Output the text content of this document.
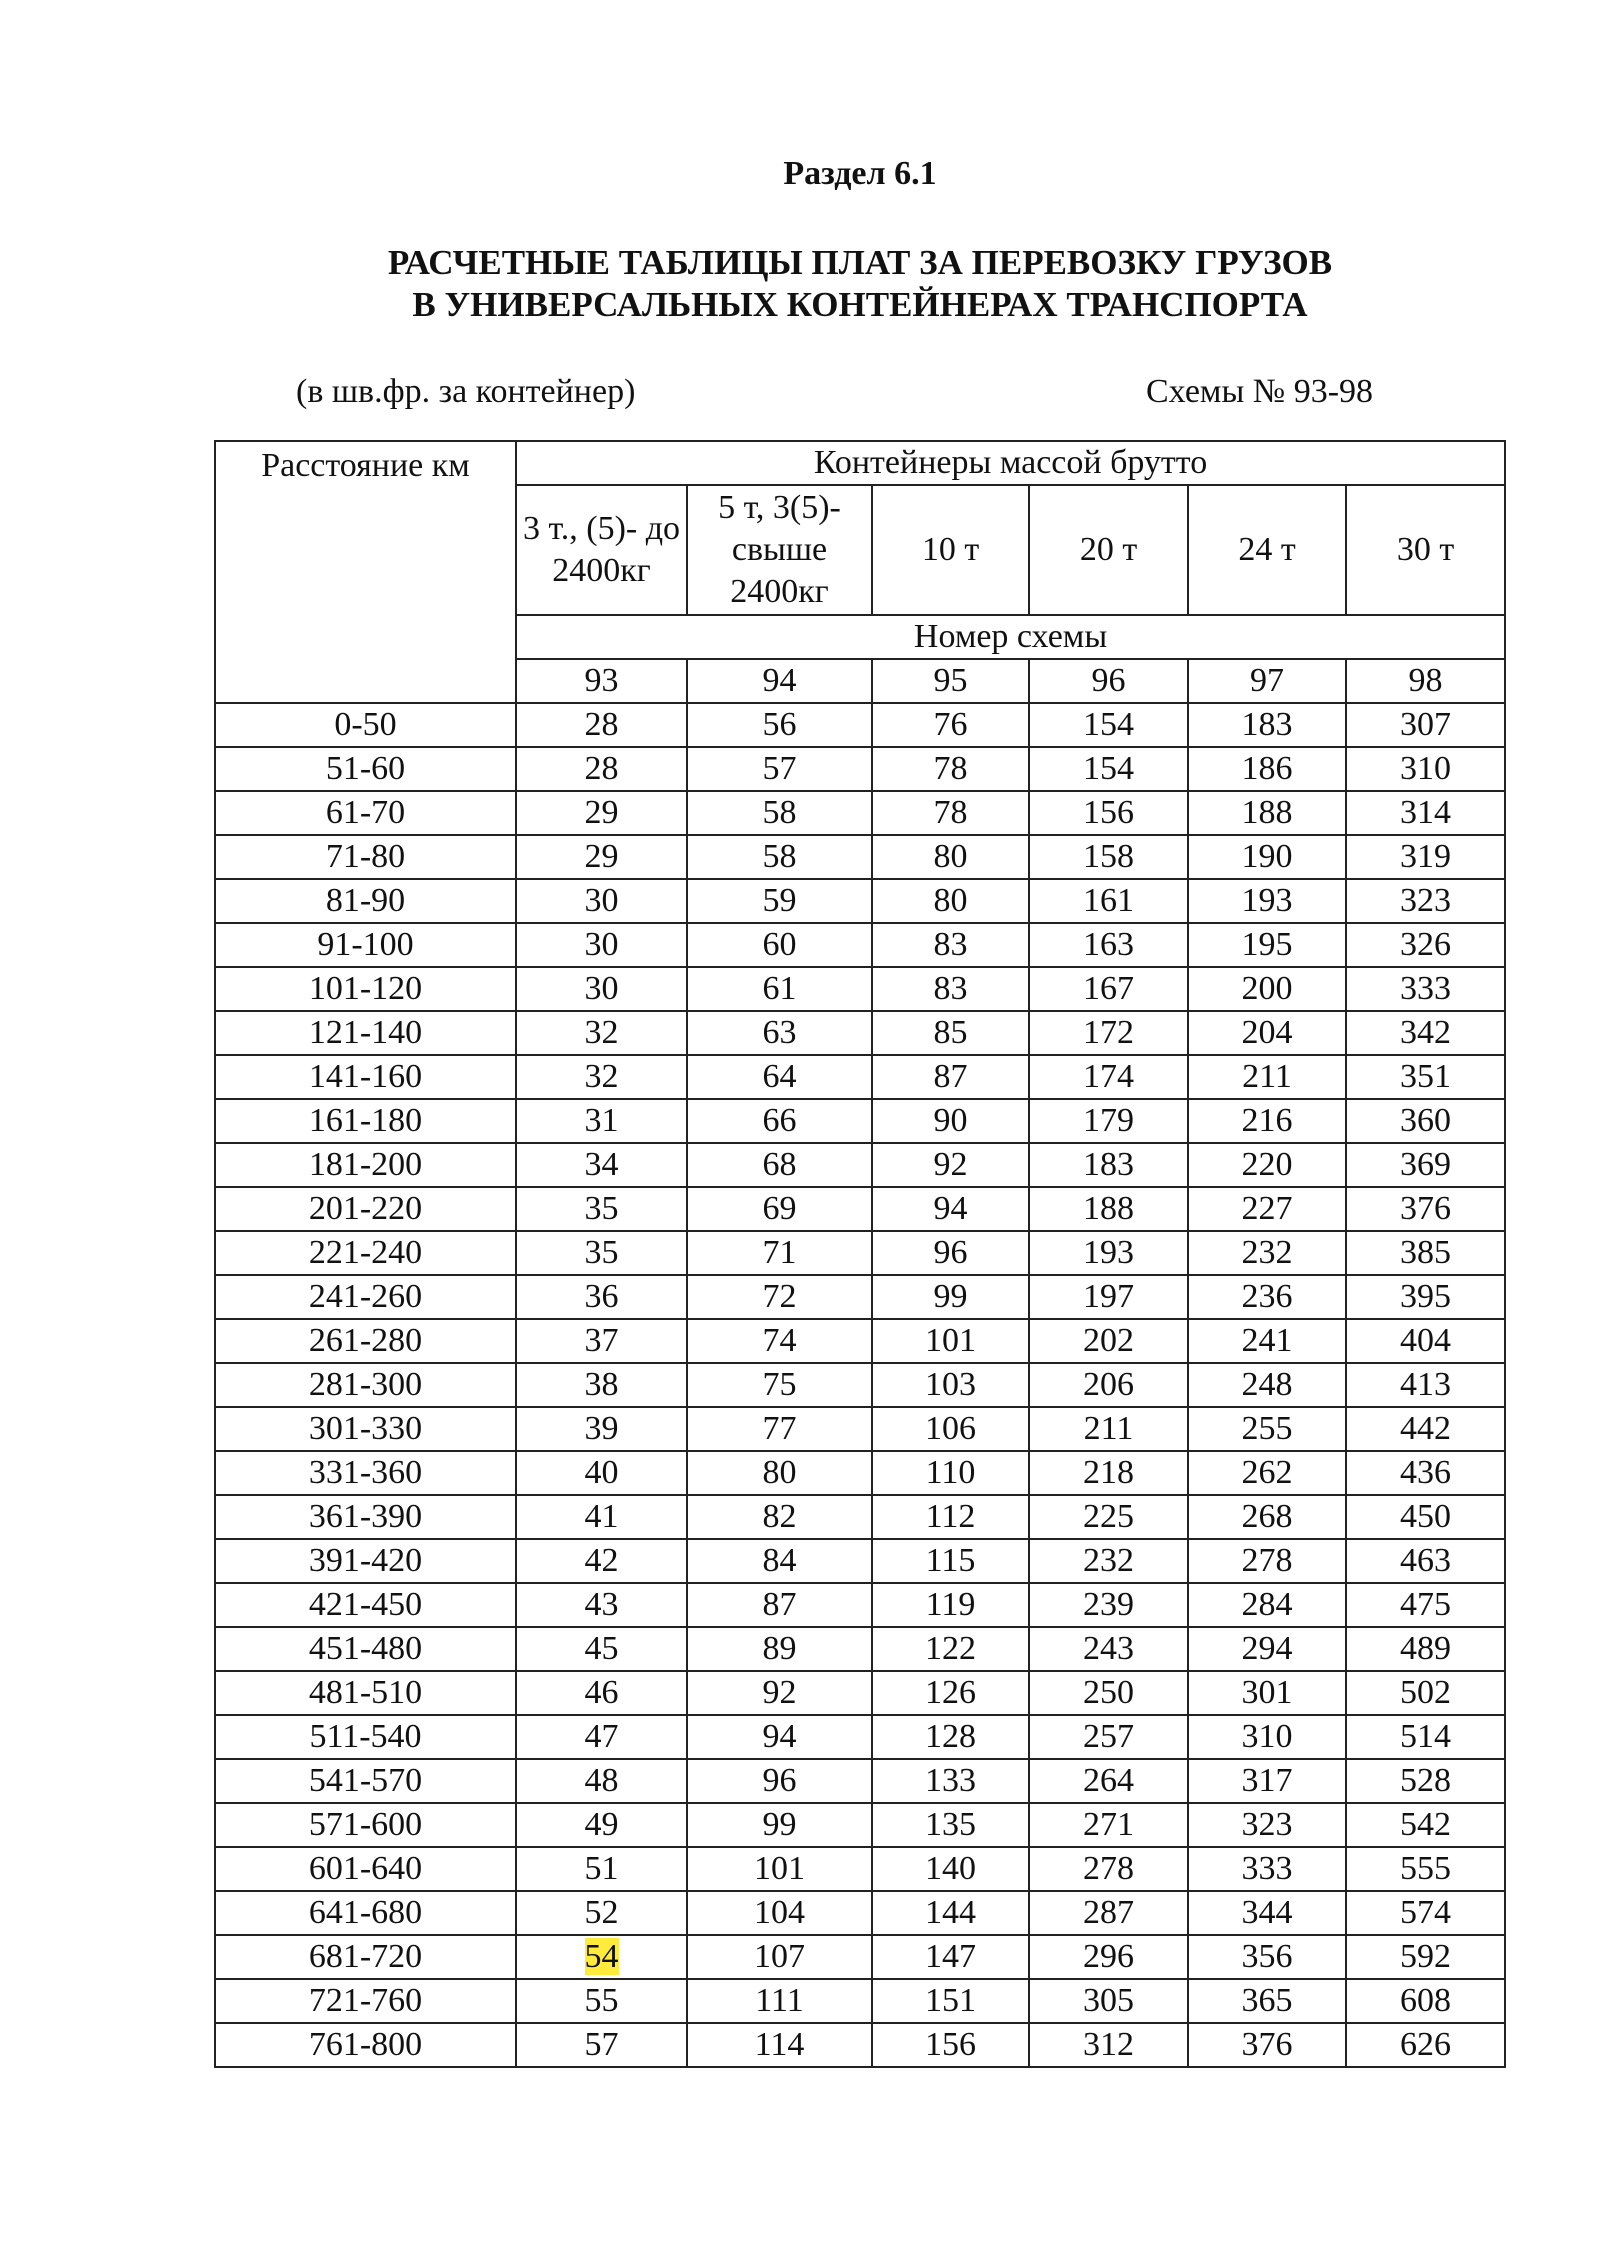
Раздел 6.1
РАСЧЕТНЫЕ ТАБЛИЦЫ ПЛАТ ЗА ПЕРЕВОЗКУ ГРУЗОВ
В УНИВЕРСАЛЬНЫХ КОНТЕЙНЕРАХ ТРАНСПОРТА
(в шв.фр. за контейнер)	Схемы № 93-98
Расстояние км	Контейнеры массой брутто					
	3 т., (5)- до 2400кг	5 т, 3(5)- свыше 2400кг	10 т	20 т	24 т	30 т
	Номер схемы					
	93	94	95	96	97	98
0-50	28	56	76	154	183	307
51-60	28	57	78	154	186	310
61-70	29	58	78	156	188	314
71-80	29	58	80	158	190	319
81-90	30	59	80	161	193	323
91-100	30	60	83	163	195	326
101-120	30	61	83	167	200	333
121-140	32	63	85	172	204	342
141-160	32	64	87	174	211	351
161-180	31	66	90	179	216	360
181-200	34	68	92	183	220	369
201-220	35	69	94	188	227	376
221-240	35	71	96	193	232	385
241-260	36	72	99	197	236	395
261-280	37	74	101	202	241	404
281-300	38	75	103	206	248	413
301-330	39	77	106	211	255	442
331-360	40	80	110	218	262	436
361-390	41	82	112	225	268	450
391-420	42	84	115	232	278	463
421-450	43	87	119	239	284	475
451-480	45	89	122	243	294	489
481-510	46	92	126	250	301	502
511-540	47	94	128	257	310	514
541-570	48	96	133	264	317	528
571-600	49	99	135	271	323	542
601-640	51	101	140	278	333	555
641-680	52	104	144	287	344	574
681-720	54	107	147	296	356	592
721-760	55	111	151	305	365	608
761-800	57	114	156	312	376	626
